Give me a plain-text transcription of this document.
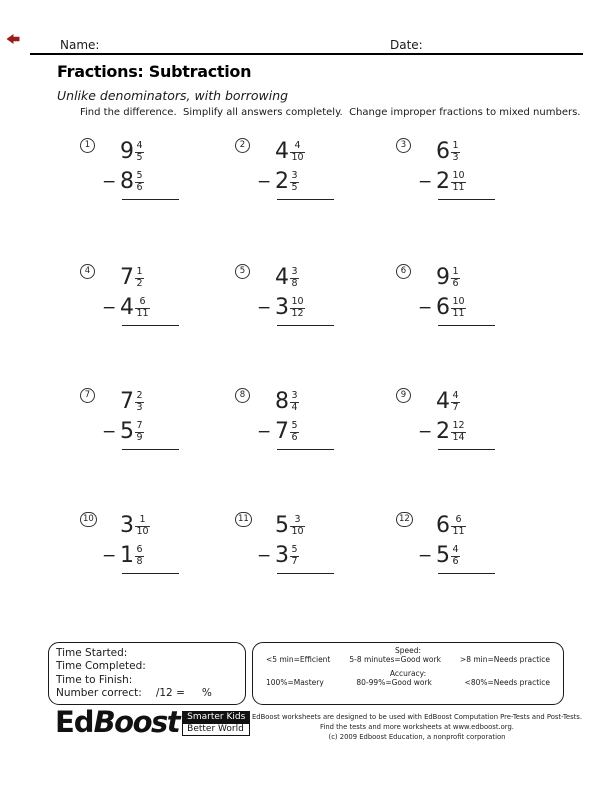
Name:	Date:
Fractions: Subtraction
Unlike denominators, with borrowing
Find the difference.  Simplify all answers completely.  Change improper fractions to mixed numbers.
1 $9 \frac{4}{5}$
− $8 \frac{5}{6}$
2 $4 \frac{4}{10}$
− $2 \frac{3}{5}$
3 $6 \frac{1}{3}$
− $2 \frac{10}{11}$
4 $7 \frac{1}{2}$
− $4 \frac{6}{11}$
5 $4 \frac{3}{8}$
− $3 \frac{10}{12}$
6 $9 \frac{1}{6}$
− $6 \frac{10}{11}$
7 $7 \frac{2}{3}$
− $5 \frac{7}{9}$
8 $8 \frac{3}{4}$
− $7 \frac{5}{6}$
9 $4 \frac{4}{7}$
− $2 \frac{12}{14}$
10 $3 \frac{1}{10}$
− $1 \frac{6}{8}$
11 $5 \frac{3}{10}$
− $3 \frac{5}{7}$
12 $6 \frac{6}{11}$
− $5 \frac{4}{6}$
Time Started:
Time Completed:
Time to Finish:
Number correct: /12 = %
Speed:
<5 min=Efficient	5-8 minutes=Good work	>8 min=Needs practice
Accuracy:
100%=Mastery	80-99%=Good work	<80%=Needs practice
Ed Boost Smarter Kids
Better World
EdBoost worksheets are designed to be used with EdBoost Computation Pre-Tests and Post-Tests.
Find the tests and more worksheets at www.edboost.org.
(c) 2009 Edboost Education, a nonprofit corporation
